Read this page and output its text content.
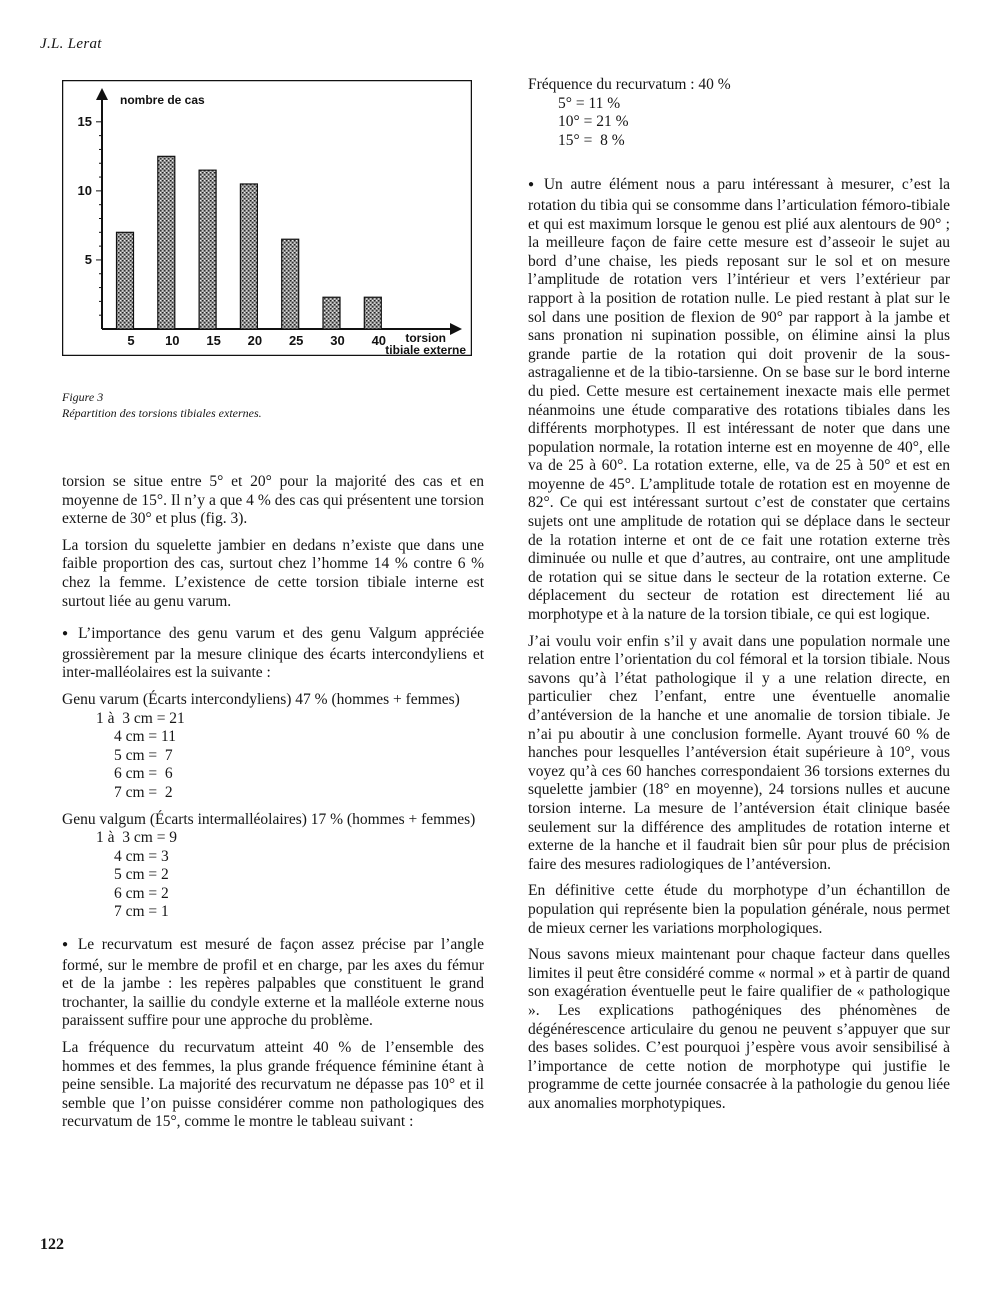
J.L. Lerat
5
10
15
nombre de cas
5 10 15 20 25 30 40 torsion
tibiale externe
Figure 3
Répartition des torsions tibiales externes.

torsion se situe entre 5° et 20° pour la majorité des cas et en moyenne de 15°. Il n’y a que 4 % des cas qui présentent une torsion externe de 30° et plus (fig. 3).

La torsion du squelette jambier en dedans n’existe que dans une faible proportion des cas, surtout chez l’homme 14 % contre 6 % chez la femme. L’existence de cette torsion tibiale interne est surtout liée au genu varum.

● L’importance des genu varum et des genu Valgum appréciée grossièrement par la mesure clinique des écarts intercondyliens et inter-malléolaires est la suivante :

Genu varum (Écarts intercondyliens) 47 % (hommes + femmes)
1 à  3 cm = 21
4 cm = 11
5 cm =  7
6 cm =  6
7 cm =  2
Genu valgum (Écarts intermalléolaires) 17 % (hommes + femmes)
1 à  3 cm = 9
4 cm = 3
5 cm = 2
6 cm = 2
7 cm = 1

● Le recurvatum est mesuré de façon assez précise par l’angle formé, sur le membre de profil et en charge, par les axes du fémur et de la jambe : les repères palpables que constituent le grand trochanter, la saillie du condyle externe et la malléole externe nous paraissent suffire pour une approche du problème.

La fréquence du recurvatum atteint 40 % de l’ensemble des hommes et des femmes, la plus grande fréquence féminine étant à peine sensible. La majorité des recurvatum ne dépasse pas 10° et il semble que l’on puisse considérer comme non pathologiques des recurvatum de 15°, comme le montre le tableau suivant :

Fréquence du recurvatum : 40 %
5° = 11 %
10° = 21 %
15° =  8 %

● Un autre élément nous a paru intéressant à mesurer, c’est la rotation du tibia qui se consomme dans l’articulation fémoro-tibiale et qui est maximum lorsque le genou est plié aux alentours de 90° ; la meilleure façon de faire cette mesure est d’asseoir le sujet au bord d’une chaise, les pieds reposant sur le sol et on mesure l’amplitude de rotation vers l’intérieur et vers l’extérieur par rapport à la position de rotation nulle. Le pied restant à plat sur le sol dans une position de flexion de 90° par rapport à la jambe et sans pronation ni supination possible, on élimine ainsi la plus grande partie de la rotation qui doit provenir de la sous-astragalienne et de la tibio-tarsienne. On se base sur le bord interne du pied. Cette mesure est certainement inexacte mais elle permet néanmoins une étude comparative des rotations tibiales dans les différents morphotypes. Il est intéressant de noter que dans une population normale, la rotation interne est en moyenne de 40°, elle va de 25 à 60°. La rotation externe, elle, va de 25 à 50° et est en moyenne de 45°. L’amplitude totale de rotation est en moyenne de 82°. Ce qui est intéressant surtout c’est de constater que certains sujets ont une amplitude de rotation qui se déplace dans le secteur de la rotation interne et ont de ce fait une rotation externe très diminuée ou nulle et que d’autres, au contraire, ont une amplitude de rotation qui se situe dans le secteur de la rotation externe. Ce déplacement du secteur de rotation est directement lié au morphotype et à la nature de la torsion tibiale, ce qui est logique.

J’ai voulu voir enfin s’il y avait dans une population normale une relation entre l’orientation du col fémoral et la torsion tibiale. Nous savons qu’à l’état pathologique il y a une relation directe, en particulier chez l’enfant, entre une éventuelle anomalie d’antéversion de la hanche et une anomalie de torsion tibiale. Je n’ai pu aboutir à une conclusion formelle. Ayant trouvé 60 % de hanches pour lesquelles l’antéversion était supérieure à 10°, vous voyez qu’à ces 60 hanches correspondaient 36 torsions externes du squelette jambier (18° en moyenne), 24 torsions nulles et aucune torsion interne. La mesure de l’antéversion était clinique basée seulement sur la différence des amplitudes de rotation interne et externe de la hanche et il faudrait bien sûr pour plus de précision faire des mesures radiologiques de l’antéversion.

En définitive cette étude du morphotype d’un échantillon de population qui représente bien la population générale, nous permet de mieux cerner les variations morphologiques.

Nous savons mieux maintenant pour chaque facteur dans quelles limites il peut être considéré comme « normal » et à partir de quand son exagération éventuelle peut le faire qualifier de « pathologique ». Les explications pathogéniques des phénomènes de dégénérescence articulaire du genou ne peuvent s’appuyer que sur des bases solides. C’est pourquoi j’espère vous avoir sensibilisé à l’importance de cette notion de morphotype qui justifie le programme de cette journée consacrée à la pathologie du genou liée aux anomalies morphotypiques.

122
